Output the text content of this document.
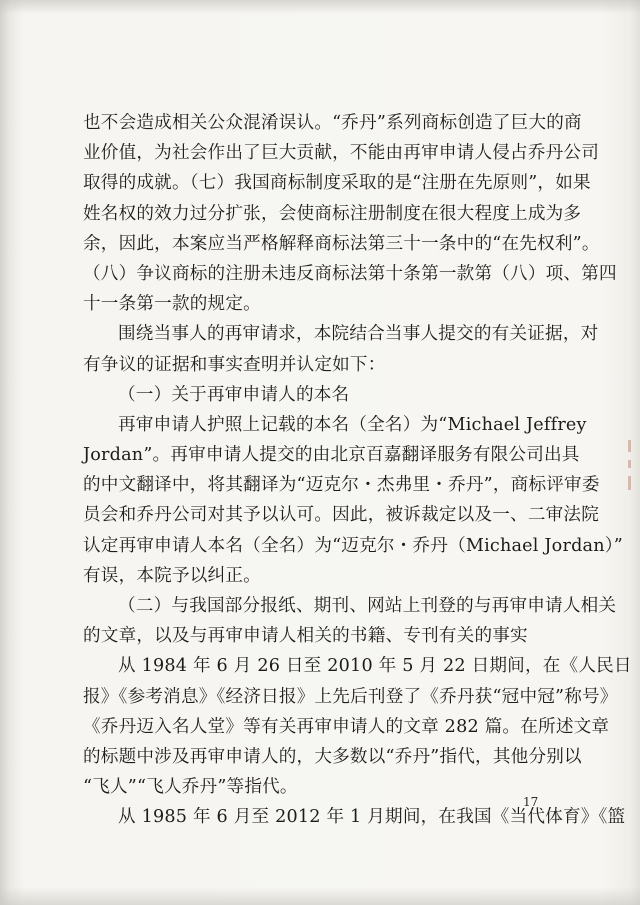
也不会造成相关公众混淆误认。“乔丹”系列商标创造了巨大的商
业价值，为社会作出了巨大贡献，不能由再审申请人侵占乔丹公司
取得的成就。（七）我国商标制度采取的是“注册在先原则”，如果
姓名权的效力过分扩张，会使商标注册制度在很大程度上成为多
余，因此，本案应当严格解释商标法第三十一条中的“在先权利”。
（八）争议商标的注册未违反商标法第十条第一款第（八）项、第四
十一条第一款的规定。
围绕当事人的再审请求，本院结合当事人提交的有关证据，对
有争议的证据和事实查明并认定如下：
（一）关于再审申请人的本名
再审申请人护照上记载的本名（全名）为“Michael Jeffrey
Jordan”。再审申请人提交的由北京百嘉翻译服务有限公司出具
的中文翻译中，将其翻译为“迈克尔・杰弗里・乔丹”，商标评审委
员会和乔丹公司对其予以认可。因此，被诉裁定以及一、二审法院
认定再审申请人本名（全名）为“迈克尔・乔丹（Michael Jordan）”
有误，本院予以纠正。
（二）与我国部分报纸、期刊、网站上刊登的与再审申请人相关
的文章，以及与再审申请人相关的书籍、专刊有关的事实
从 1984 年 6 月 26 日至 2010 年 5 月 22 日期间，在《人民日
报》《参考消息》《经济日报》上先后刊登了《乔丹获“冠中冠”称号》
《乔丹迈入名人堂》等有关再审申请人的文章 282 篇。在所述文章
的标题中涉及再审申请人的，大多数以“乔丹”指代，其他分别以
“飞人”“飞人乔丹”等指代。
从 1985 年 6 月至 2012 年 1 月期间，在我国《当代体育》《篮
17
